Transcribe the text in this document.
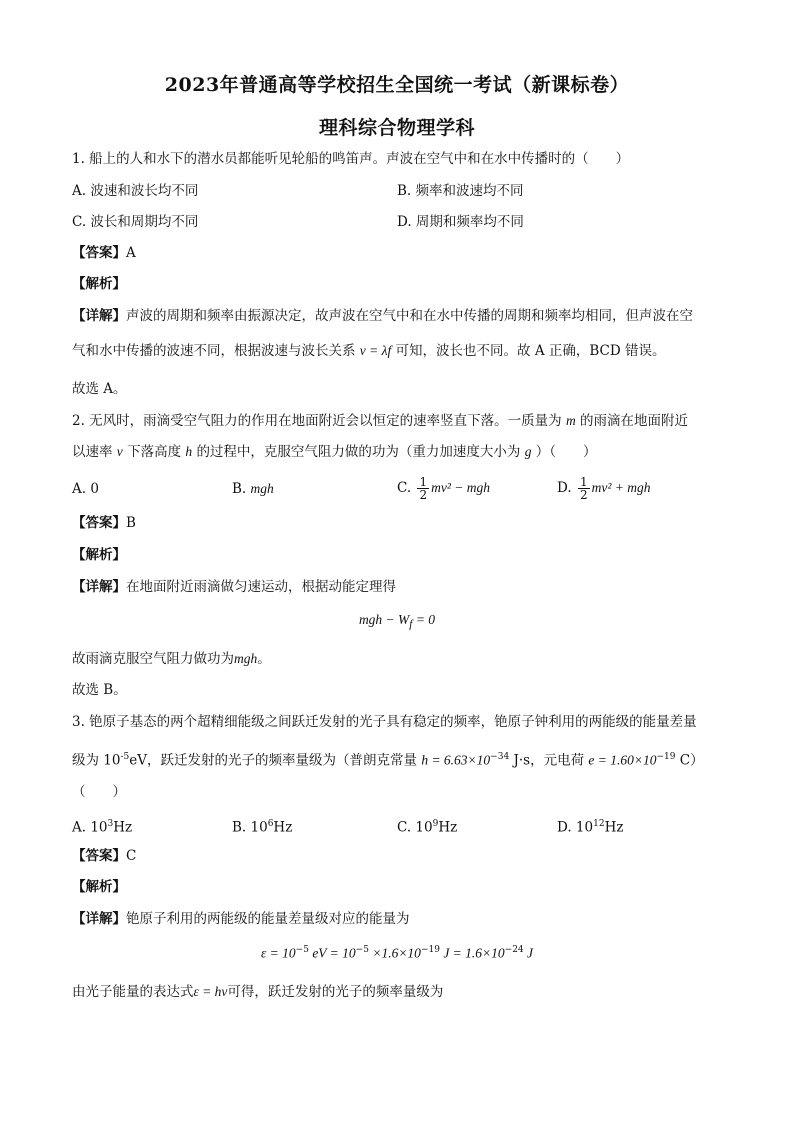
2023年普通高等学校招生全国统一考试（新课标卷）
理科综合物理学科
1. 船上的人和水下的潜水员都能听见轮船的鸣笛声。声波在空气中和在水中传播时的（　　）
A. 波速和波长均不同	B. 频率和波速均不同
C. 波长和周期均不同	D. 周期和频率均不同
【答案】A
【解析】
【详解】声波的周期和频率由振源决定，故声波在空气中和在水中传播的周期和频率均相同，但声波在空
气和水中传播的波速不同，根据波速与波长关系 v = λf 可知，波长也不同。故 A 正确，BCD 错误。
故选 A。
2. 无风时，雨滴受空气阻力的作用在地面附近会以恒定的速率竖直下落。一质量为 m 的雨滴在地面附近
以速率 v 下落高度 h 的过程中，克服空气阻力做的功为（重力加速度大小为 g ）（　　）
A. 0	B. mgh	C. $\frac{1}{2} mv^2$ − mgh	D. $\frac{1}{2} mv^2$ + mgh
【答案】B
【解析】
【详解】在地面附近雨滴做匀速运动，根据动能定理得
mgh − $W_f = 0$
故雨滴克服空气阻力做功为mgh。
故选 B。
3. 铯原子基态的两个超精细能级之间跃迁发射的光子具有稳定的频率，铯原子钟利用的两能级的能量差量
级为 $10^{-5}eV$，跃迁发射的光子的频率量级为（普朗克常量 $h = 6.63\times 10^{-34}$ J·s，元电荷 $e = 1.60\times 10^{-19}$ C）
（　　）
A. $10^3Hz$	B. $10^6Hz$	C. $10^9Hz$	D. $10^{12}Hz$
【答案】C
【解析】
【详解】铯原子利用的两能级的能量差量级对应的能量为
$\varepsilon = 10^{-5}$ eV = $10^{-5} \times 1.6\times 10^{-19}$ $J = 1.6\times 10^{-24}$ J
由光子能量的表达式ε = hν可得，跃迁发射的光子的频率量级为
